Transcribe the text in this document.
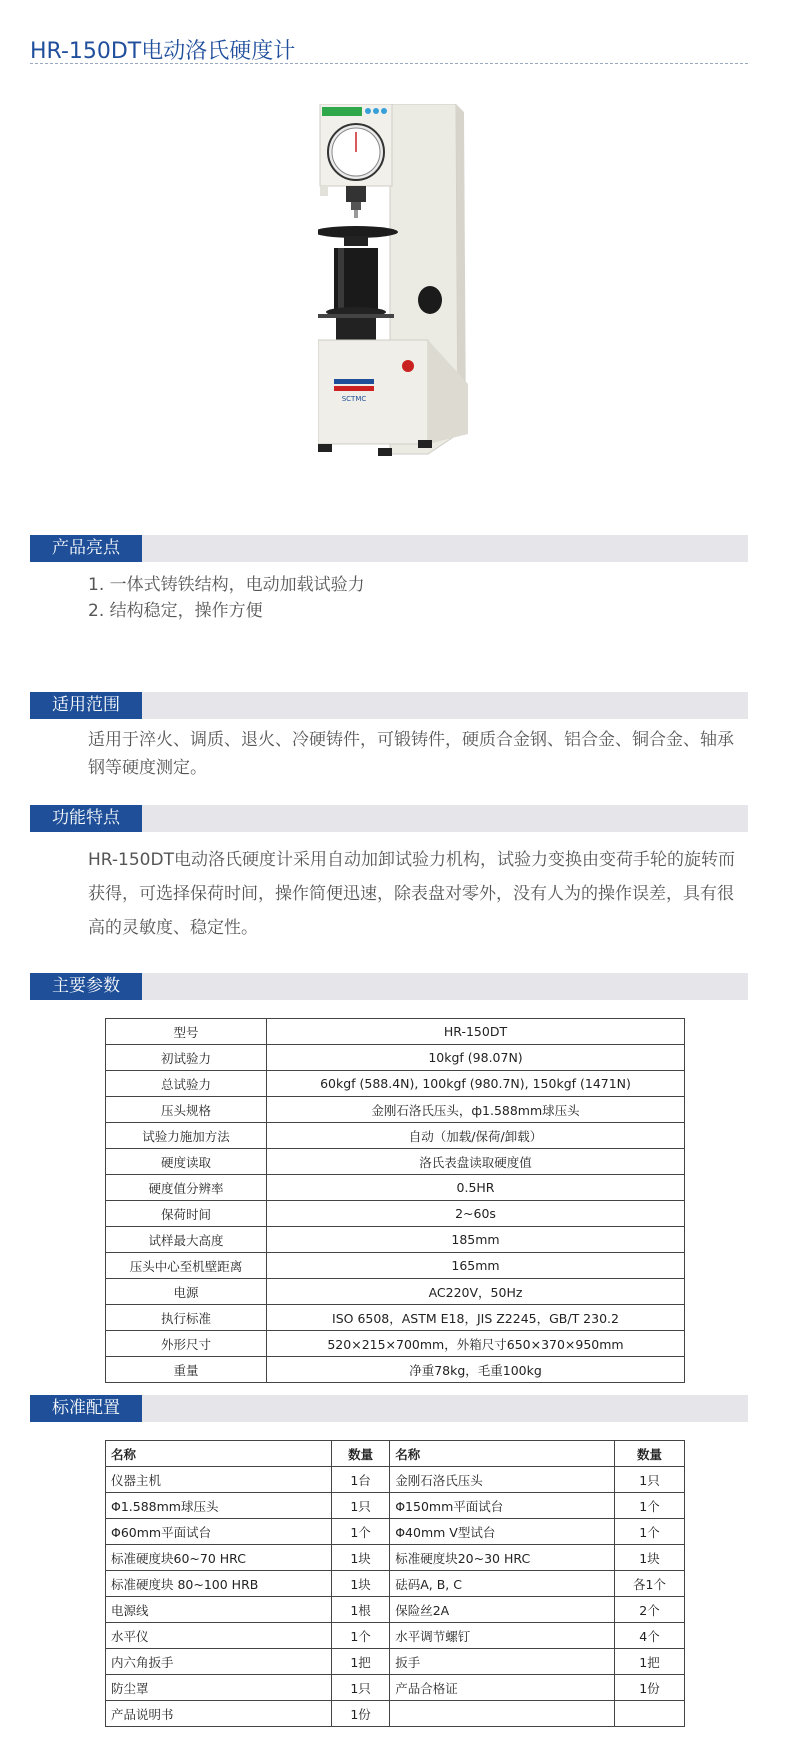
HR-150DT电动洛氏硬度计
SCTMC
产品亮点
1. 一体式铸铁结构，电动加载试验力
2. 结构稳定，操作方便
适用范围
适用于淬火、调质、退火、冷硬铸件，可锻铸件，硬质合金钢、铝合金、铜合金、轴承钢等硬度测定。
功能特点
HR-150DT电动洛氏硬度计采用自动加卸试验力机构，试验力变换由变荷手轮的旋转而获得，可选择保荷时间，操作简便迅速，除表盘对零外，没有人为的操作误差，具有很高的灵敏度、稳定性。
主要参数
型号	HR-150DT
初试验力	10kgf (98.07N)
总试验力	60kgf (588.4N), 100kgf (980.7N), 150kgf (1471N)
压头规格	金刚石洛氏压头，ф1.588mm球压头
试验力施加方法	自动（加载/保荷/卸载）
硬度读取	洛氏表盘读取硬度值
硬度值分辨率	0.5HR
保荷时间	2~60s
试样最大高度	185mm
压头中心至机壁距离	165mm
电源	AC220V，50Hz
执行标准	ISO 6508，ASTM E18，JIS Z2245，GB/T 230.2
外形尺寸	520×215×700mm，外箱尺寸650×370×950mm
重量	净重78kg，毛重100kg
标准配置
名称	数量	名称	数量
仪器主机	1台	金刚石洛氏压头	1只
Φ1.588mm球压头	1只	Φ150mm平面试台	1个
Φ60mm平面试台	1个	Φ40mm V型试台	1个
标准硬度块60~70 HRC	1块	标准硬度块20~30 HRC	1块
标准硬度块 80~100 HRB	1块	砝码A, B, C	各1个
电源线	1根	保险丝2A	2个
水平仪	1个	水平调节螺钉	4个
内六角扳手	1把	扳手	1把
防尘罩	1只	产品合格证	1份
产品说明书	1份		
